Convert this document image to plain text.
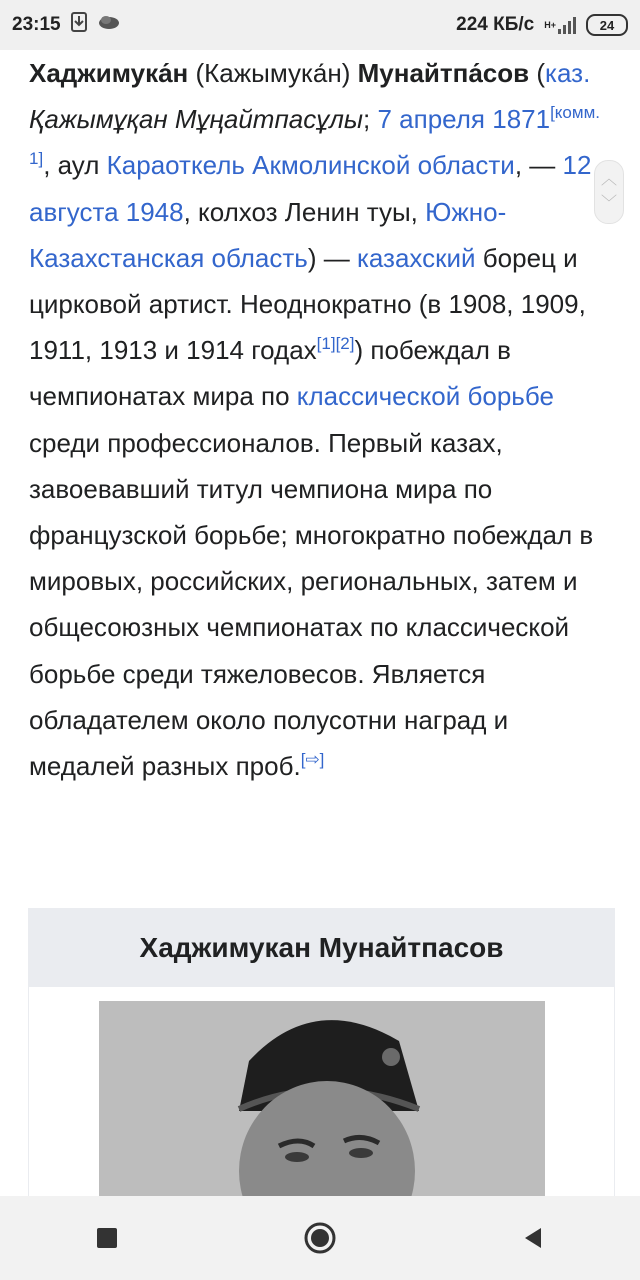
23:15	224 КБ/с H+	24

Хаджимука́н (Кажымука́н) Мунайтпа́сов (каз. Қажымұқан Мұңайтпасұлы; 7 апреля 1871[комм. 1], аул Караоткель Акмолинской области, — 12 августа 1948, колхоз Ленин туы, Южно-Казахстанская область) — казахский борец и цирковой артист. Неоднократно (в 1908, 1909, 1911, 1913 и 1914 годах[1][2]) побеждал в чемпионатах мира по классической борьбе среди профессионалов. Первый казах, завоевавший титул чемпиона мира по французской борьбе; многократно побеждал в мировых, российских, региональных, затем и общесоюзных чемпионатах по классической борьбе среди тяжеловесов. Является обладателем около полусотни наград и медалей разных проб.[⇨]

︿
﹀
Хаджимукан Мунайтпасов
